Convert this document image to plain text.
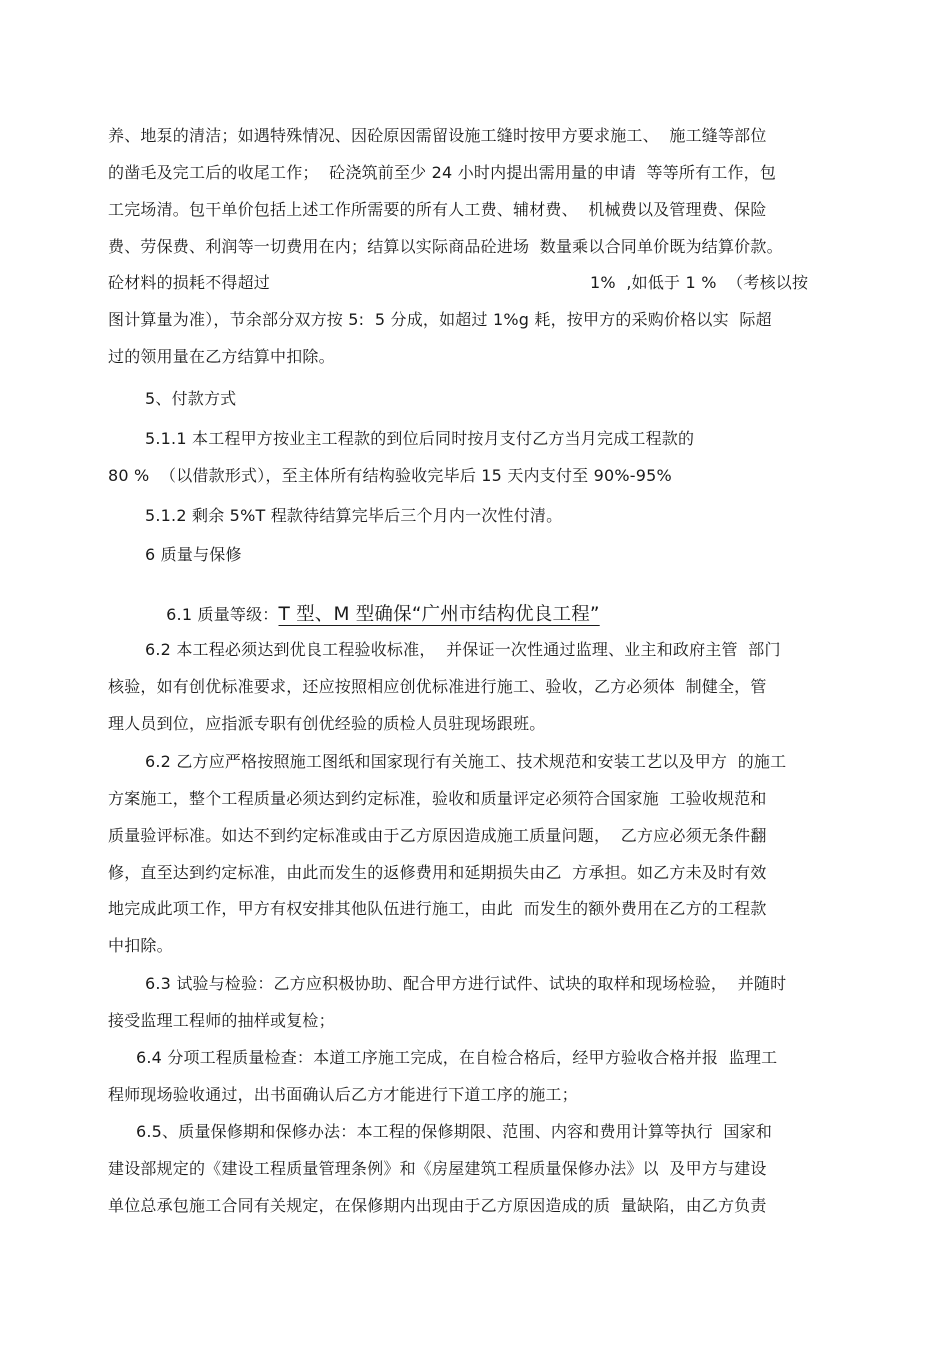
养、地泵的清洁；如遇特殊情况、因砼原因需留设施工缝时按甲方要求施工、  施工缝等部位
的凿毛及完工后的收尾工作；  砼浇筑前至少 24 小时内提出需用量的申请  等等所有工作，包
工完场清。包干单价包括上述工作所需要的所有人工费、辅材费、  机械费以及管理费、保险
费、劳保费、利润等一切费用在内；结算以实际商品砼进场  数量乘以合同单价既为结算价款。
砼材料的损耗不得超过	1%  ,如低于 1 %  （考核以按
图计算量为准），节余部分双方按 5:  5 分成，如超过 1%g 耗，按甲方的采购价格以实  际超
过的领用量在乙方结算中扣除。
5、付款方式
5.1.1 本工程甲方按业主工程款的到位后同时按月支付乙方当月完成工程款的
80 %  （以借款形式），至主体所有结构验收完毕后 15 天内支付至 90%-95%
5.1.2 剩余 5%T 程款待结算完毕后三个月内一次性付清。
6 质量与保修

6.1 质量等级：T 型、M 型确保“广州市结构优良工程”

6.2 本工程必须达到优良工程验收标准，  并保证一次性通过监理、业主和政府主管  部门
核验，如有创优标准要求，还应按照相应创优标准进行施工、验收，乙方必须体  制健全，管
理人员到位，应指派专职有创优经验的质检人员驻现场跟班。
6.2 乙方应严格按照施工图纸和国家现行有关施工、技术规范和安装工艺以及甲方  的施工
方案施工，整个工程质量必须达到约定标准，验收和质量评定必须符合国家施  工验收规范和
质量验评标准。如达不到约定标准或由于乙方原因造成施工质量问题，  乙方应必须无条件翻
修，直至达到约定标准，由此而发生的返修费用和延期损失由乙  方承担。如乙方未及时有效
地完成此项工作，甲方有权安排其他队伍进行施工，由此  而发生的额外费用在乙方的工程款
中扣除。
6.3 试验与检验：乙方应积极协助、配合甲方进行试件、试块的取样和现场检验，  并随时
接受监理工程师的抽样或复检；
6.4 分项工程质量检查：本道工序施工完成，在自检合格后，经甲方验收合格并报  监理工
程师现场验收通过，出书面确认后乙方才能进行下道工序的施工；
6.5、质量保修期和保修办法：本工程的保修期限、范围、内容和费用计算等执行  国家和
建设部规定的《建设工程质量管理条例》和《房屋建筑工程质量保修办法》以  及甲方与建设
单位总承包施工合同有关规定，在保修期内出现由于乙方原因造成的质  量缺陷，由乙方负责
